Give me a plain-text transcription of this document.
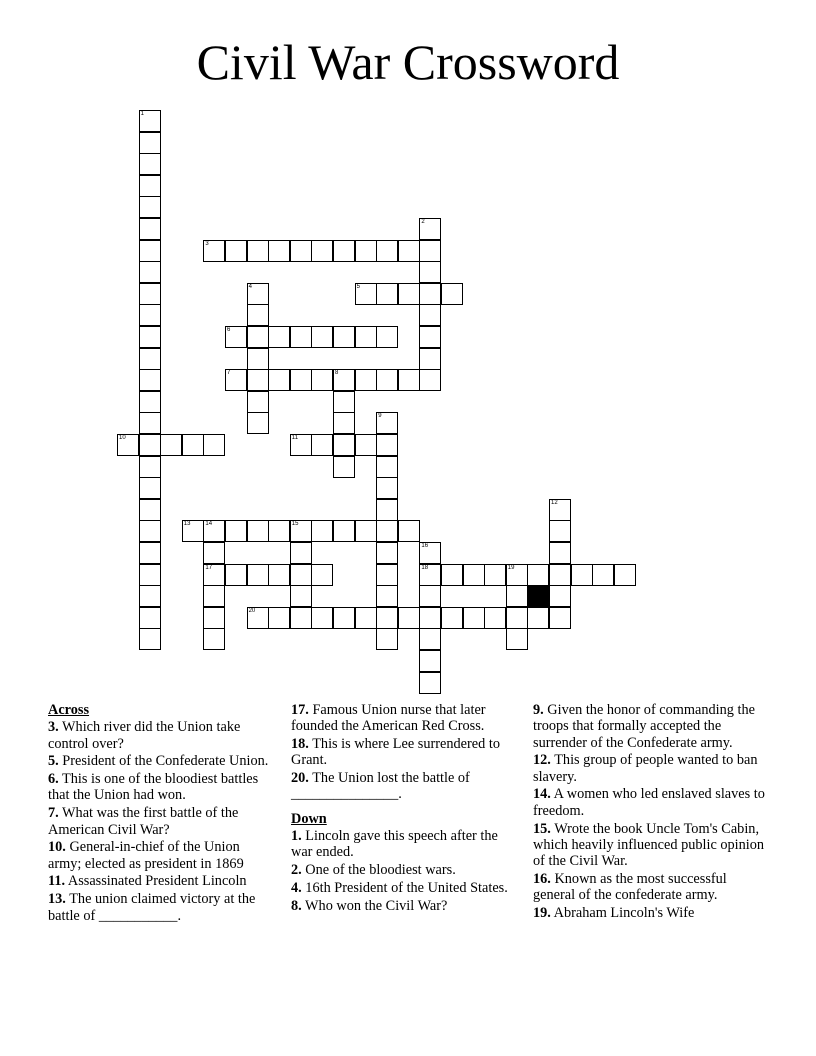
Civil War Crossword
1
2
3
4	5
6
7	8
9
10	11
12
13 14	15
17
16
18	19
20
Across
3. Which river did the Union take control over?
5. President of the Confederate Union.
6. This is one of the bloodiest battles that the Union had won.
7. What was the first battle of the American Civil War?
10. General-in-chief of the Union army; elected as president in 1869
11. Assassinated President Lincoln
13. The union claimed victory at the battle of ___________.
17. Famous Union nurse that later founded the American Red Cross.
18. This is where Lee surrendered to Grant.
20. The Union lost the battle of _______________.
Down
1. Lincoln gave this speech after the war ended.
2. One of the bloodiest wars.
4. 16th President of the United States.
8. Who won the Civil War?
9. Given the honor of commanding the troops that formally accepted the surrender of the Confederate army.
12. This group of people wanted to ban slavery.
14. A women who led enslaved slaves to freedom.
15. Wrote the book Uncle Tom's Cabin, which heavily influenced public opinion of the Civil War.
16. Known as the most successful general of the confederate army.
19. Abraham Lincoln's Wife
